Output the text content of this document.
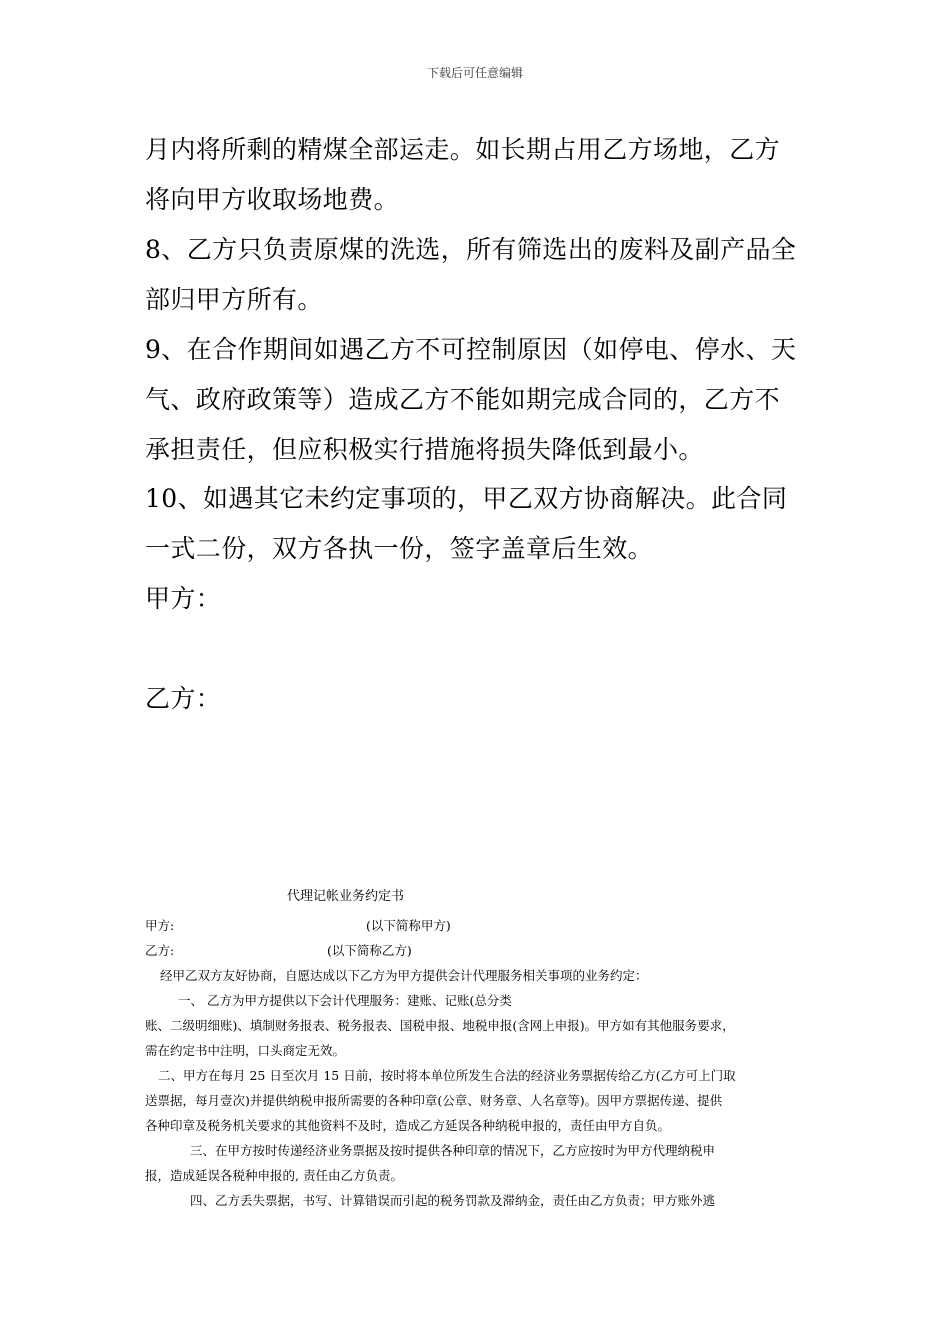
下载后可任意编辑
月内将所剩的精煤全部运走。如长期占用乙方场地，乙方
将向甲方收取场地费。
8、乙方只负责原煤的洗选，所有筛选出的废料及副产品全
部归甲方所有。
9、在合作期间如遇乙方不可控制原因（如停电、停水、天
气、政府政策等）造成乙方不能如期完成合同的，乙方不
承担责任，但应积极实行措施将损失降低到最小。
10、如遇其它未约定事项的，甲乙双方协商解决。此合同
一式二份，双方各执一份，签字盖章后生效。
甲方：
乙方：
代理记帐业务约定书
甲方:	(以下简称甲方)
乙方:	(以下简称乙方)
经甲乙双方友好协商，自愿达成以下乙方为甲方提供会计代理服务相关事项的业务约定：
一、 乙方为甲方提供以下会计代理服务：建账、记账(总分类
账、二级明细账)、填制财务报表、税务报表、国税申报、地税申报(含网上申报)。甲方如有其他服务要求，
需在约定书中注明，口头商定无效。
二、甲方在每月 25 日至次月 15 日前，按时将本单位所发生合法的经济业务票据传给乙方(乙方可上门取
送票据，每月壹次)并提供纳税申报所需要的各种印章(公章、财务章、人名章等)。因甲方票据传递、提供
各种印章及税务机关要求的其他资料不及时，造成乙方延误各种纳税申报的，责任由甲方自负。
三、在甲方按时传递经济业务票据及按时提供各种印章的情况下，乙方应按时为甲方代理纳税申
报，造成延误各税种申报的, 责任由乙方负责。
四、乙方丢失票据，书写、计算错误而引起的税务罚款及滞纳金，责任由乙方负责；甲方账外逃
